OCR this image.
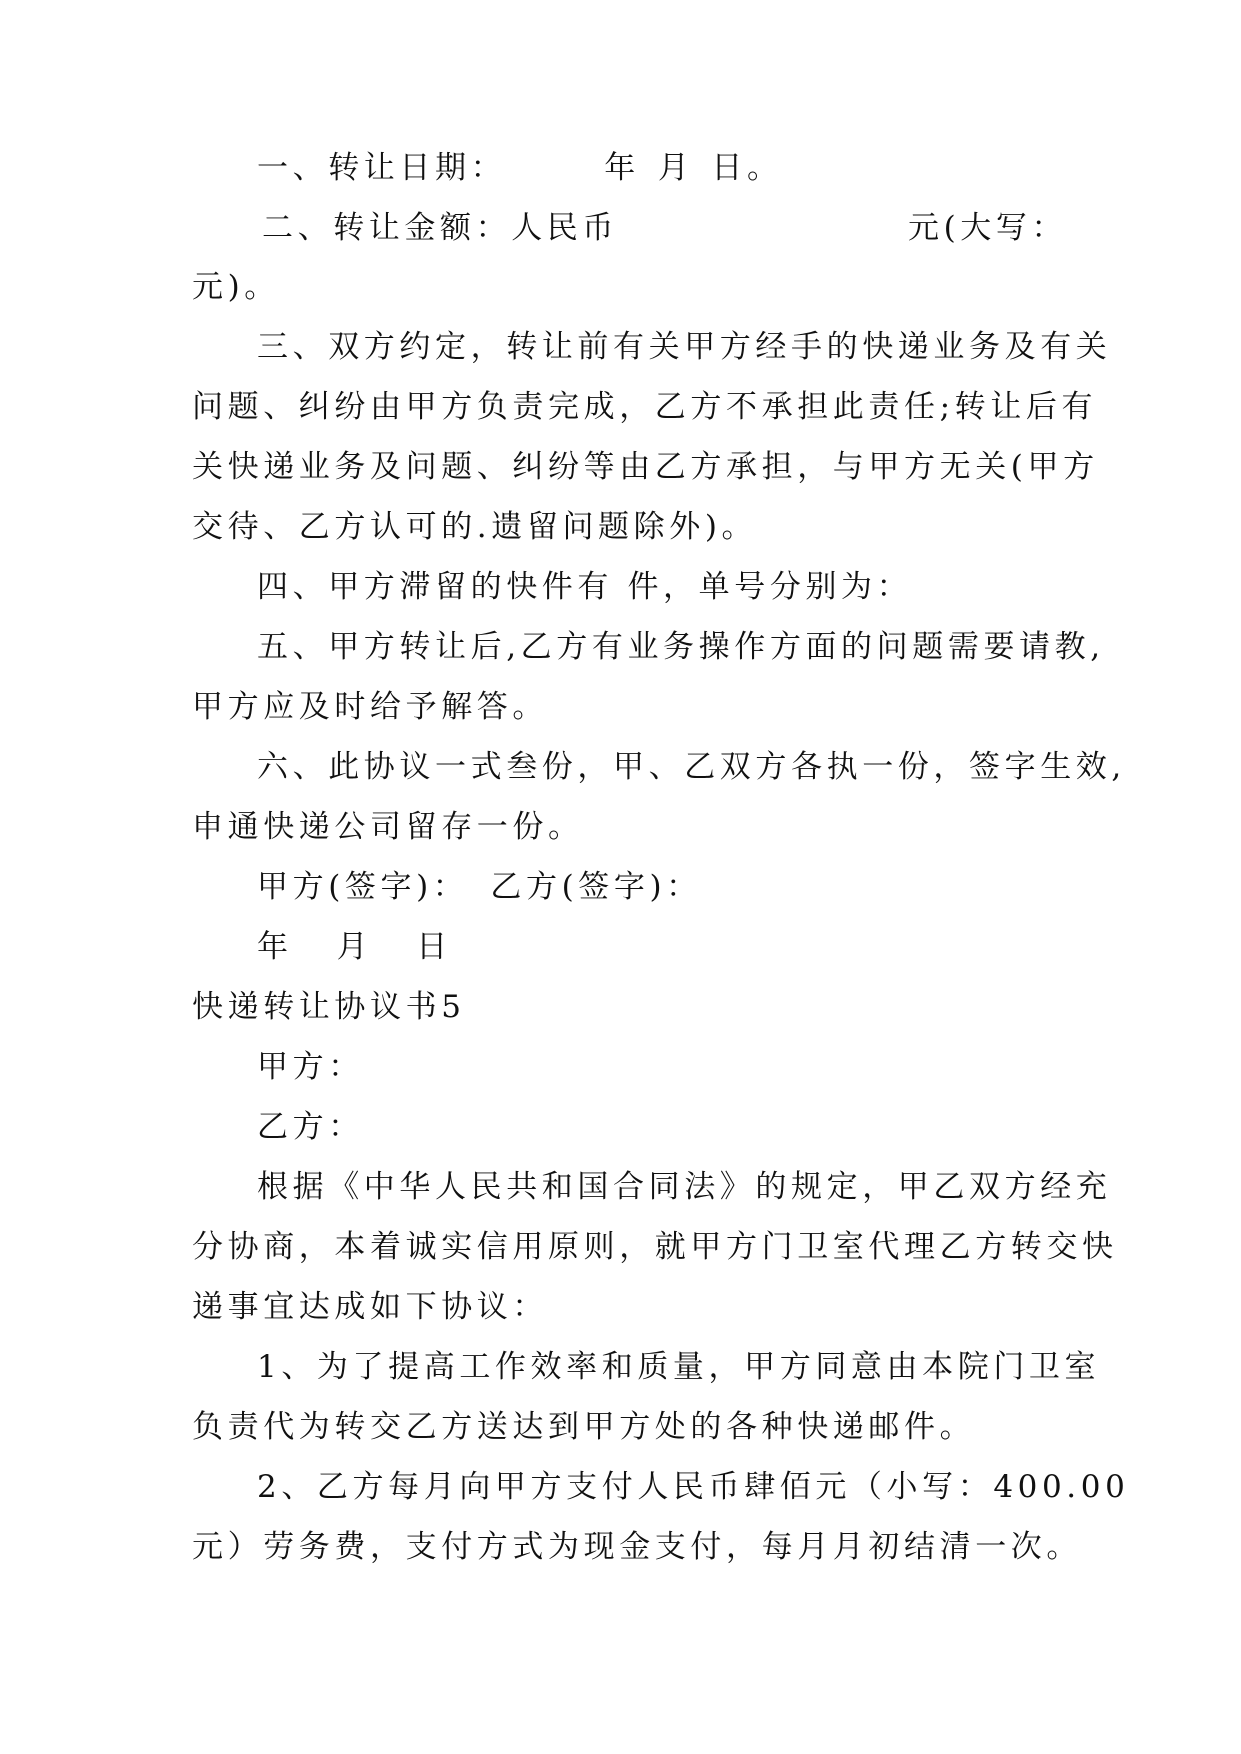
一、转让日期：	年 月 日。
二、转让金额：人民币	元(大写：
元)。
三、双方约定，转让前有关甲方经手的快递业务及有关
问题、纠纷由甲方负责完成，乙方不承担此责任;转让后有
关快递业务及问题、纠纷等由乙方承担，与甲方无关(甲方
交待、乙方认可的.遗留问题除外)。
四、甲方滞留的快件有 件，单号分别为：
五、甲方转让后,乙方有业务操作方面的问题需要请教,
甲方应及时给予解答。
六、此协议一式叁份，甲、乙双方各执一份，签字生效,
申通快递公司留存一份。
甲方(签字)： 乙方(签字)：
年 月 日
快递转让协议书5
甲方：
乙方：
根据《中华人民共和国合同法》的规定，甲乙双方经充
分协商，本着诚实信用原则，就甲方门卫室代理乙方转交快
递事宜达成如下协议：
1、为了提高工作效率和质量，甲方同意由本院门卫室
负责代为转交乙方送达到甲方处的各种快递邮件。
2、乙方每月向甲方支付人民币肆佰元（小写：400.00
元）劳务费，支付方式为现金支付，每月月初结清一次。
